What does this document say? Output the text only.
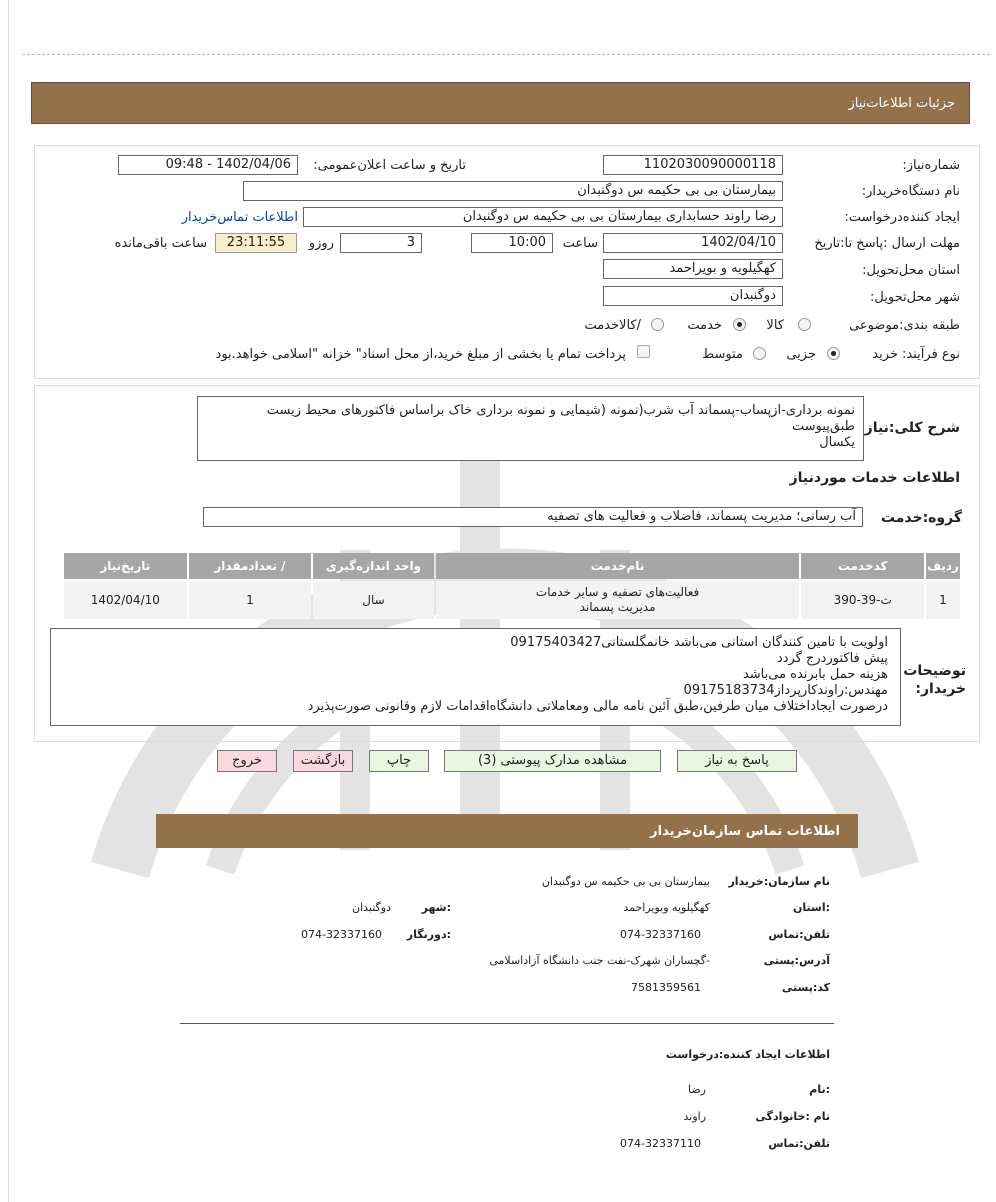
جزئیات اطلاعات‌نیاز
شماره‌نیاز:
1102030090000118
تاریخ و ساعت اعلان‌عمومی:
1402/04/06 - 09:48
نام دستگاه‌خریدار:
بیمارستان بی بی حکیمه س دوگنبدان
ایجاد کننده‌درخواست:
رضا راوند حسابداری بیمارستان بی بی حکیمه س دوگنبدان
اطلاعات تماس‌خریدار
مهلت ارسال :پاسخ تا:تاریخ
1402/04/10
ساعت
10:00
3
روزو
23:11:55
ساعت باقی‌مانده
استان محل‌تحویل:
کهگیلویه و بویراحمد
شهر محل‌تحویل:
دوگنبدان
طبقه بندی:موضوعی
کالا
خدمت
/کالاخدمت
نوع فرآیند: خرید
جزیی
متوسط
پرداخت تمام یا بخشی از مبلغ خرید،از محل اسناد" خزانه "اسلامی خواهد.بود
شرح کلی:نیاز
نمونه برداری-ازپساب-پسماند آب شرب(نمونه (شیمایی و نمونه برداری خاک براساس فاکتورهای محیط زیست
طبق‌پیوست
یکسال
اطلاعات خدمات موردنیاز
گروه:خدمت
آب رسانی؛ مدیریت پسماند، فاضلاب و فعالیت های تصفیه
ردیف	کدخدمت	نام‌خدمت	واحد اندازه‌گیری	/ تعدادمقدار	تاریخ‌نیاز
1	ث-39-390	فعالیت‌های تصفیه و سایر خدمات مدیریت پسماند	سال	1	1402/04/10
توضیحات خریدار:
اولویت با تامین کنندگان استانی می‌باشد خانمگلستانی09175403427
پیش فاکتوردرج گردد
هزینه حمل بابرنده می‌باشد
مهندس:راوندکارپرداز09175183734
درصورت ایجاداختلاف میان طرفین،طبق آئین نامه مالی ومعاملاتی دانشگاه‌اقدامات لازم وقانونی صورت‌پذیرد
پاسخ به نیاز
مشاهده مدارک پیوستی (3)
چاپ
بازگشت
خروج
اطلاعات تماس سازمان‌خریدار
نام سازمان:خریدار
بیمارستان بی بی حکیمه س دوگنبدان
:استان
کهگیلویه وبویراحمد
:شهر
دوگنبدان
تلفن:تماس
074-32337160
:دورنگار
074-32337160
آدرس:پستی
-گچساران شهرک-نفت جنب دانشگاه آزاداسلامی
کد:پستی
7581359561
اطلاعات ایجاد کننده:درخواست
:نام
رضا
نام :خانوادگی
راوند
تلفن:تماس
074-32337110
